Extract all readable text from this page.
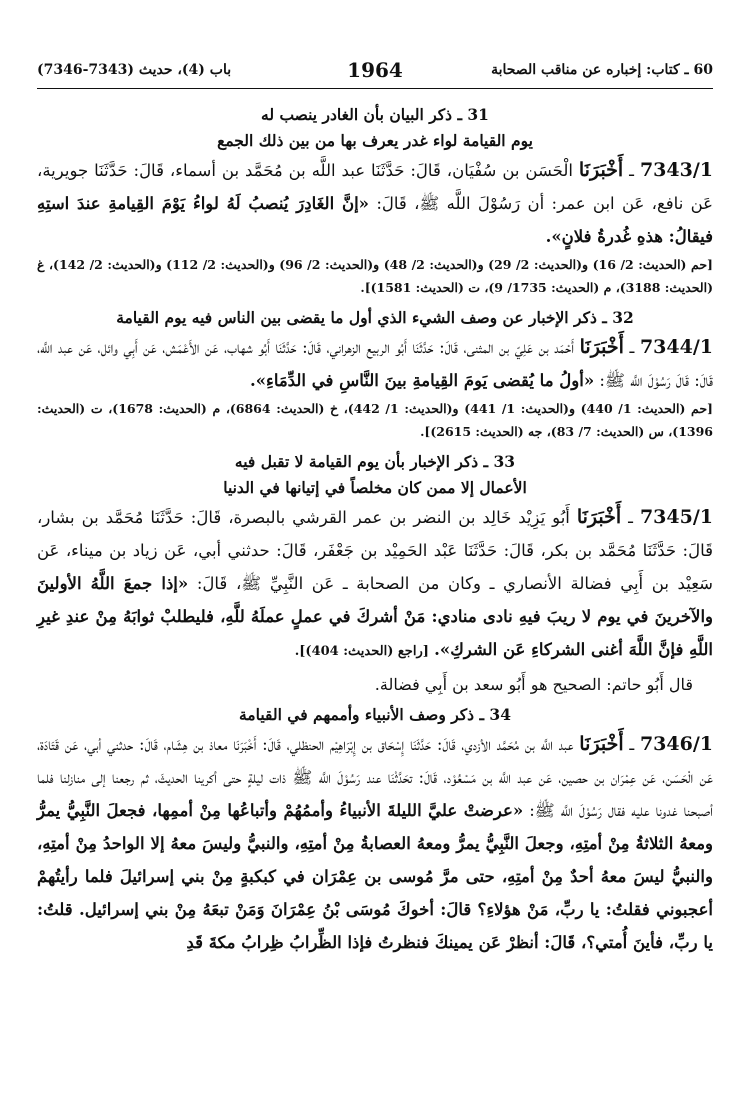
باب (4)، حديث (7343-7346)	1964	60 ـ كتاب: إخباره عن مناقب الصحابة
31 ـ ذكر البيان بأن الغادر ينصب له
يوم القيامة لواء غدر يعرف بها من بين ذلك الجمع
7343/1 ـ أَخْبَرَنَا الْحَسَن بن سُفْيَان، قَالَ: حَدَّثَنَا عبد اللَّه بن مُحَمَّد بن أسماء، قَالَ: حَدَّثَنَا جويرية، عَن نافع، عَن ابن عمر: أن رَسُوْلَ اللَّه ﷺ، قَالَ: «إنَّ الغَادِرَ يُنصبُ لَهُ لواءُ يَوْمَ القِيامةِ عندَ استِهِ فيقالُ: هذهِ غُدرةُ فلانٍ».
[حم (الحديث: 2/ 16) و(الحديث: 2/ 29) و(الحديث: 2/ 48) و(الحديث: 2/ 96) و(الحديث: 2/ 112) و(الحديث: 2/ 142)، غ (الحديث: 3188)، م (الحديث: 1735/ 9)، ت (الحديث: 1581)].
32 ـ ذكر الإخبار عن وصف الشيء الذي أول ما يقضى بين الناس فيه يوم القيامة
7344/1 ـ أَخْبَرَنَا أَحْمَد بن عَلِيّ بن المثنى، قَالَ: حَدَّثَنَا أَبُو الربيع الزهراني، قَالَ: حَدَّثَنَا أَبُو شهاب، عَن الأَعْمَش، عَن أَبِي وائل، عَن عبد اللَّه، قَالَ: قَالَ رَسُوْلَ اللَّه ﷺ: «أولُ ما يُقضى يَومَ القِيامةِ بينَ النَّاسِ في الدِّمَاءِ».
[حم (الحديث: 1/ 440) و(الحديث: 1/ 441) و(الحديث: 1/ 442)، خ (الحديث: 6864)، م (الحديث: 1678)، ت (الحديث: 1396)، س (الحديث: 7/ 83)، جه (الحديث: 2615)].
33 ـ ذكر الإخبار بأن يوم القيامة لا تقبل فيه
الأعمال إلا ممن كان مخلصاً في إتيانها في الدنيا
7345/1 ـ أَخْبَرَنَا أَبُو يَزِيْد خَالِد بن النضر بن عمر القرشي بالبصرة، قَالَ: حَدَّثَنَا مُحَمَّد بن بشار، قَالَ: حَدَّثَنَا مُحَمَّد بن بكر، قَالَ: حَدَّثَنَا عَبْد الحَمِيْد بن جَعْفَر، قَالَ: حدثني أبي، عَن زياد بن ميناء، عَن سَعِيْد بن أَبِي فضالة الأنصاري ـ وكان من الصحابة ـ عَن النَّبِيِّ ﷺ، قَالَ: «إذا جمعَ اللَّهُ الأولينَ والآخرينَ في يوم لا ريبَ فيهِ نادى منادي: مَنْ أشركَ في عملٍ عملَهُ للَّهِ، فليطلبْ ثوابَهُ مِنْ عندِ غيرِ اللَّهِ فإنَّ اللَّهَ أغنى الشركاءِ عَن الشركِ». [راجع (الحديث: 404)].
قال أَبُو حاتم: الصحيح هو أَبُو سعد بن أَبِي فضالة.
34 ـ ذكر وصف الأنبياء وأممهم في القيامة
7346/1 ـ أَخْبَرَنَا عبد اللَّه بن مُحَمَّد الأزدي، قَالَ: حَدَّثَنَا إِسْحَاق بن إِبْرَاهِيْم الحنظلي، قَالَ: أَخْبَرَنَا معاذ بن هِشَام، قَالَ: حدثني أبي، عَن قَتَادَة، عَن الْحَسَن، عَن عِمْرَان بن حصين، عَن عبد اللَّه بن مَسْعُوْد، قَالَ: تحَدَّثْنَا عند رَسُوْلَ اللَّه ﷺ ذات ليلةٍ حتى أكرينا الحديثَ، ثم رجعنا إلى منازلنا فلما أصبحنا غدونا عليه فقال رَسُوْلَ اللَّه ﷺ: «عرضتْ عليَّ الليلةَ الأنبياءُ وأممُهُمْ وأتباعُها مِنْ أممِها، فجعلَ النَّبِيُّ يمرُّ ومعهُ الثلاثةُ مِنْ أمتِهِ، وجعلَ النَّبِيُّ يمرُّ ومعهُ العصابةُ مِنْ أمتِهِ، والنبيُّ وليسَ معهُ إلا الواحدُ مِنْ أمتِهِ، والنبيُّ ليسَ معهُ أحدٌ مِنْ أمتِهِ، حتى مرَّ مُوسى بن عِمْرَان في كبكبةٍ مِنْ بني إسرائيلَ فلما رأيتُهمْ أعجبوني فقلتُ: يا ربِّ، مَنْ هؤلاءِ؟ قالَ: أخوكَ مُوسَى بْنُ عِمْرَانَ وَمَنْ تبعَهُ مِنْ بني إسرائيل. قلتُ: يا ربِّ، فأينَ أُمتي؟، قَالَ: أنظرْ عَن يمينكَ فنظرتُ فإذا الظِّرابُ ظِرابُ مكةَ قَدِ
